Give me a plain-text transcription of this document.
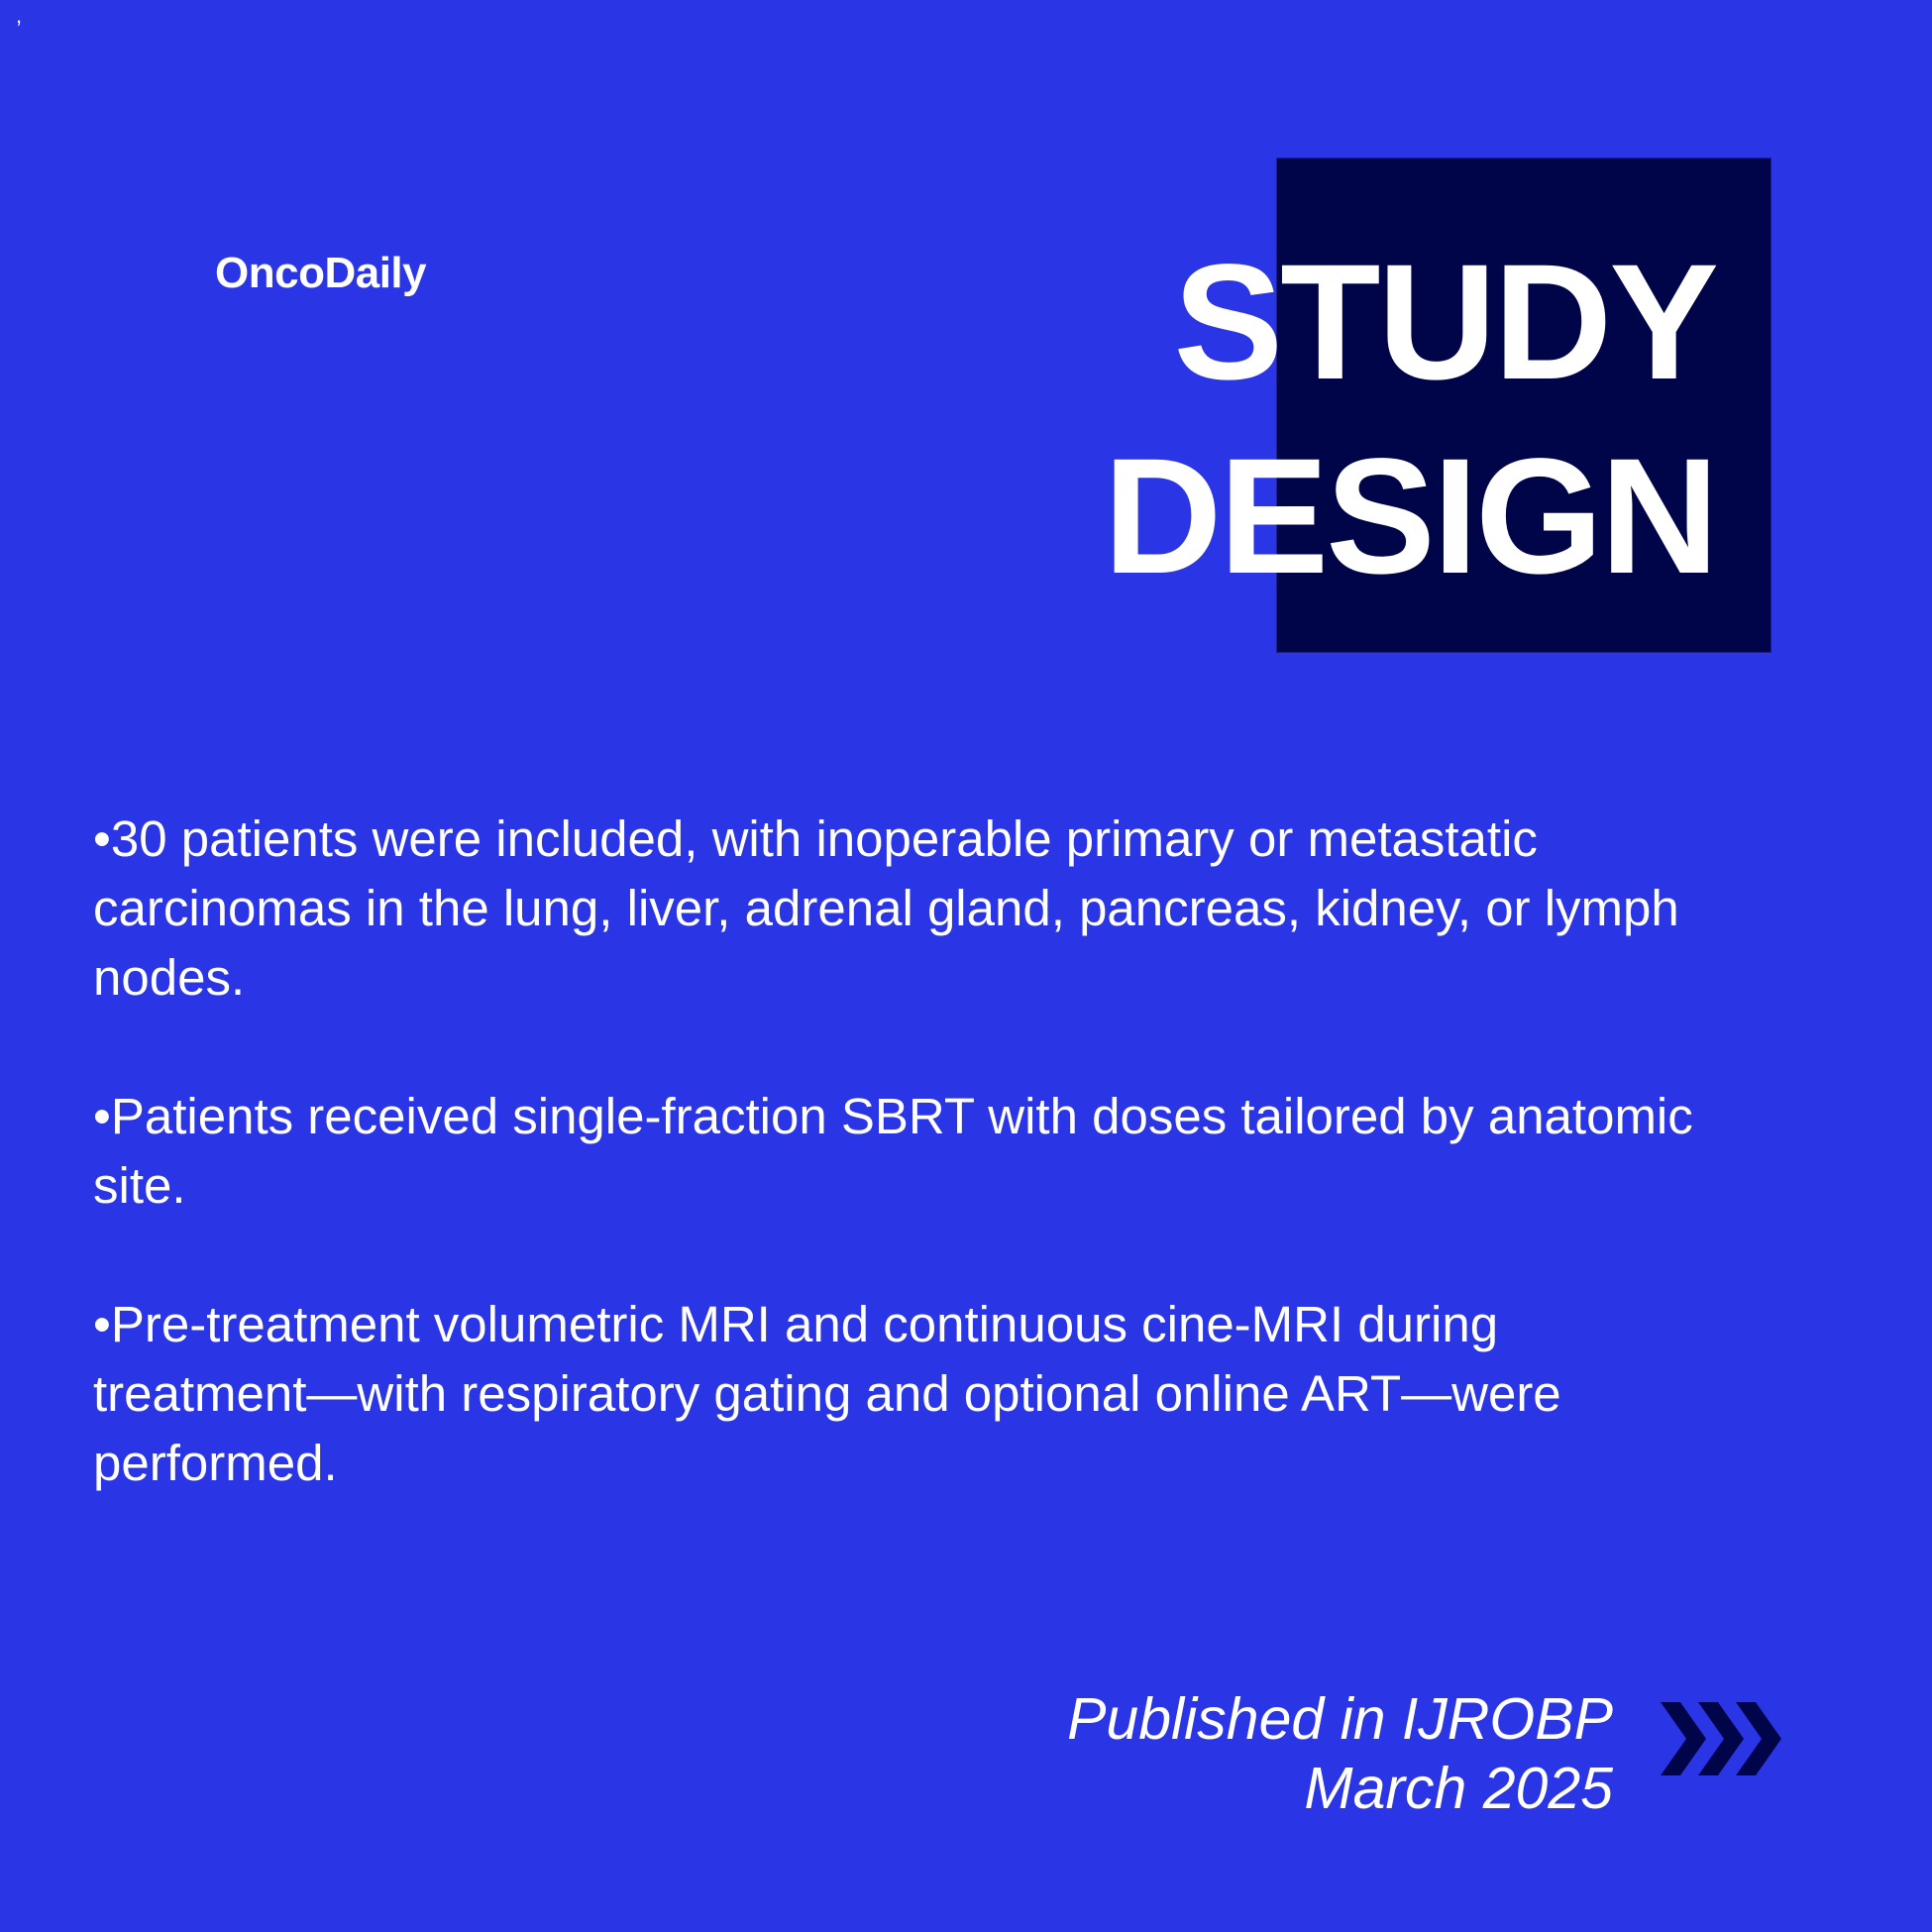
,
OncoDaily	STUDY
DESIGN

•30 patients were included, with inoperable primary or metastatic carcinomas in the lung, liver, adrenal gland, pancreas, kidney, or lymph nodes.

•Patients received single-fraction SBRT with doses tailored by anatomic site.

•Pre-treatment volumetric MRI and continuous cine-MRI during treatment—with respiratory gating and optional online ART—were performed.

Published in IJROBP
March 2025
